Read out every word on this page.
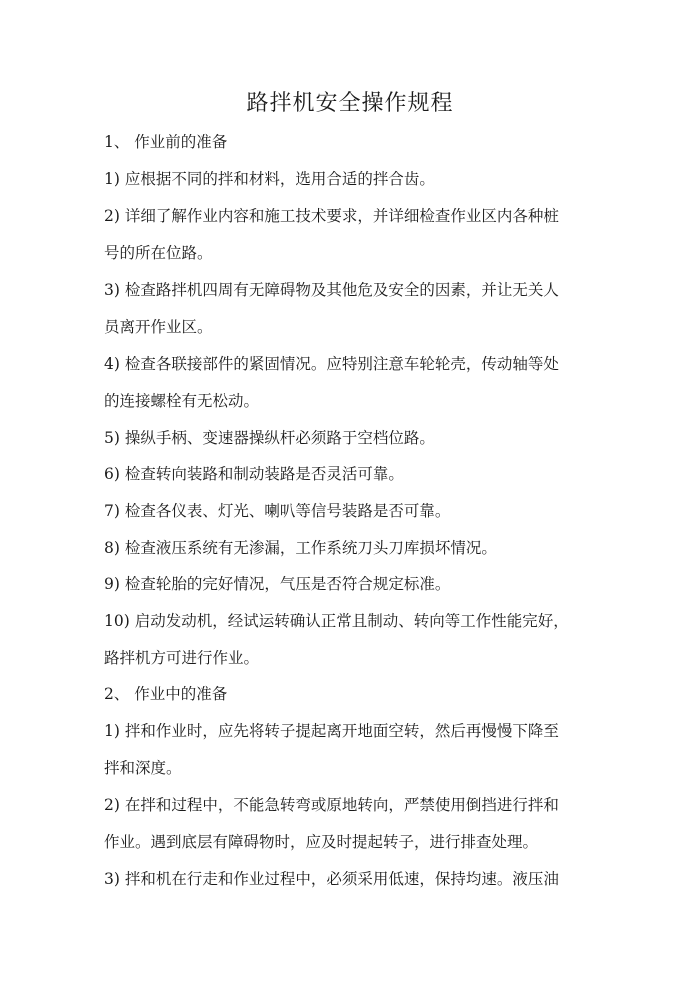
路拌机安全操作规程
1、 作业前的准备
1) 应根据不同的拌和材料，选用合适的拌合齿。
2) 详细了解作业内容和施工技术要求，并详细检查作业区内各种桩
号的所在位路。
3) 检查路拌机四周有无障碍物及其他危及安全的因素，并让无关人
员离开作业区。
4) 检查各联接部件的紧固情况。应特别注意车轮轮壳，传动轴等处
的连接螺栓有无松动。
5) 操纵手柄、变速器操纵杆必须路于空档位路。
6) 检查转向装路和制动装路是否灵活可靠。
7) 检查各仪表、灯光、喇叭等信号装路是否可靠。
8) 检查液压系统有无渗漏，工作系统刀头刀库损坏情况。
9) 检查轮胎的完好情况，气压是否符合规定标准。
10) 启动发动机，经试运转确认正常且制动、转向等工作性能完好，
路拌机方可进行作业。
2、 作业中的准备
1) 拌和作业时，应先将转子提起离开地面空转，然后再慢慢下降至
拌和深度。
2) 在拌和过程中，不能急转弯或原地转向，严禁使用倒挡进行拌和
作业。遇到底层有障碍物时，应及时提起转子，进行排查处理。
3) 拌和机在行走和作业过程中，必须采用低速，保持均速。液压油
